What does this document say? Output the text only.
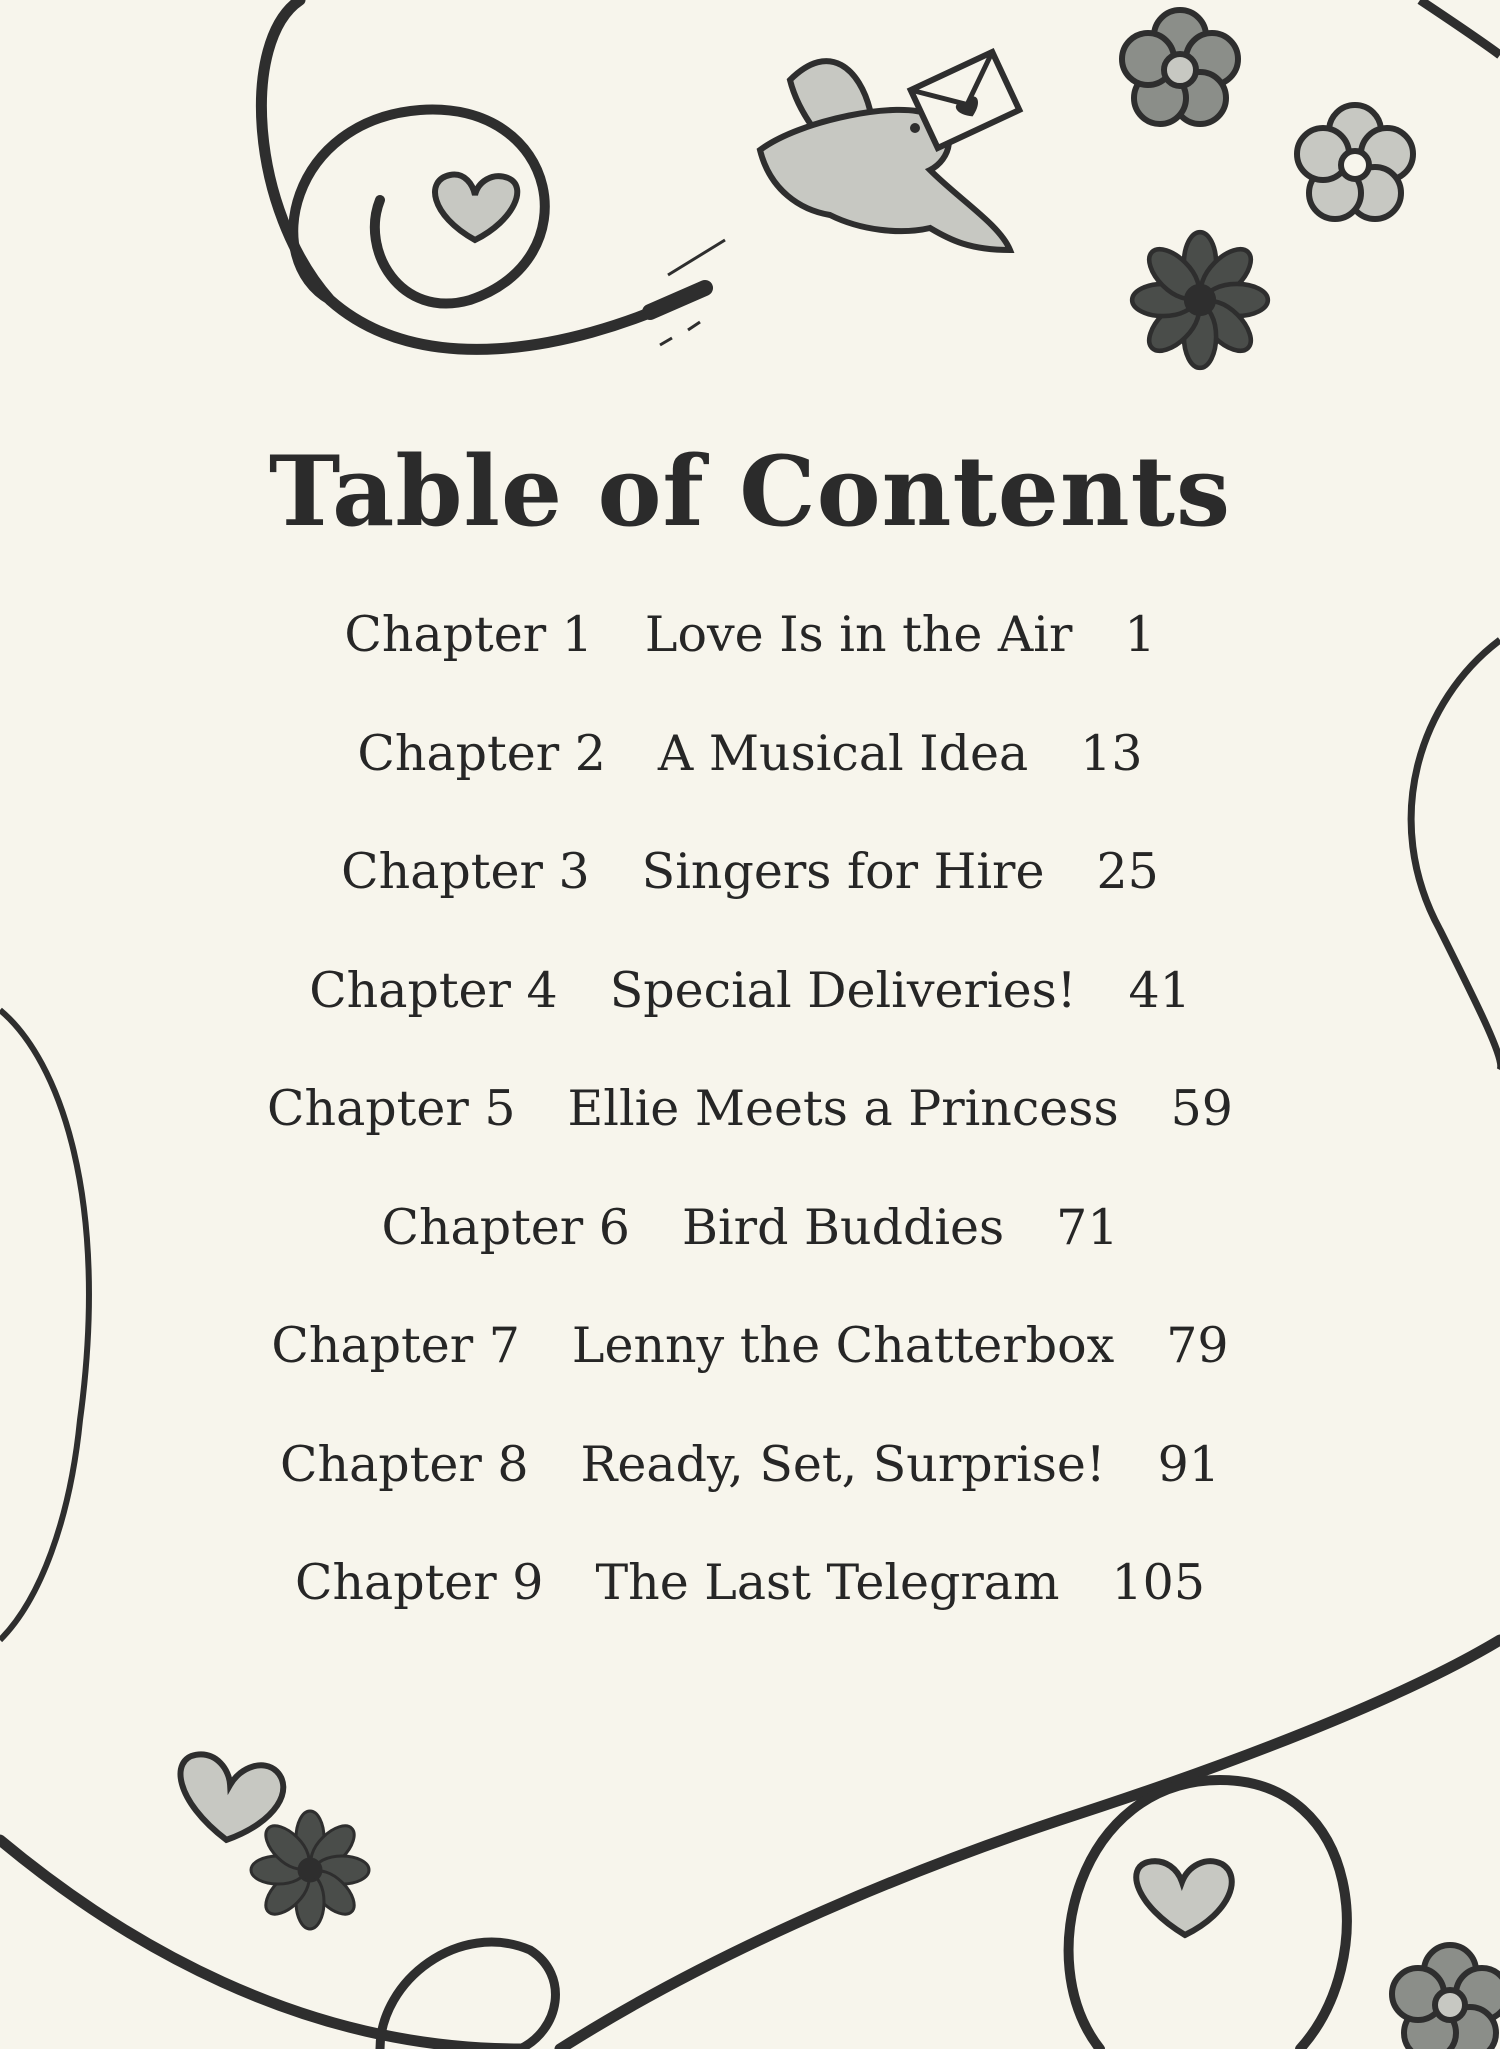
Table of Contents
Chapter 1 Love Is in the Air 1
Chapter 2 A Musical Idea 13
Chapter 3 Singers for Hire 25
Chapter 4 Special Deliveries! 41
Chapter 5 Ellie Meets a Princess 59
Chapter 6 Bird Buddies 71
Chapter 7 Lenny the Chatterbox 79
Chapter 8 Ready, Set, Surprise! 91
Chapter 9 The Last Telegram 105
